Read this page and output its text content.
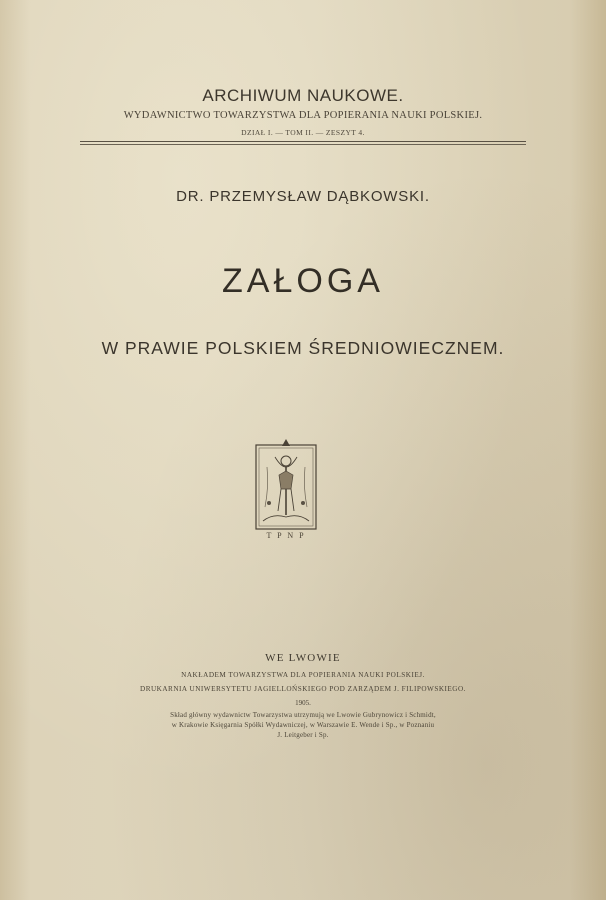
ARCHIWUM NAUKOWE.
WYDAWNICTWO TOWARZYSTWA DLA POPIERANIA NAUKI POLSKIEJ.
DZIAŁ I. — TOM II. — ZESZYT 4.
DR. PRZEMYSŁAW DĄBKOWSKI.
ZAŁOGA
W PRAWIE POLSKIEM ŚREDNIOWIECZNEM.
T P N P
WE LWOWIE
NAKŁADEM TOWARZYSTWA DLA POPIERANIA NAUKI POLSKIEJ.
DRUKARNIA UNIWERSYTETU JAGIELLOŃSKIEGO POD ZARZĄDEM J. FILIPOWSKIEGO.
1905.
Skład główny wydawnictw Towarzystwa utrzymują we Lwowie Gubrynowicz i Schmidt,
w Krakowie Księgarnia Spółki Wydawniczej, w Warszawie E. Wende i Sp., w Poznaniu
J. Leitgeber i Sp.
